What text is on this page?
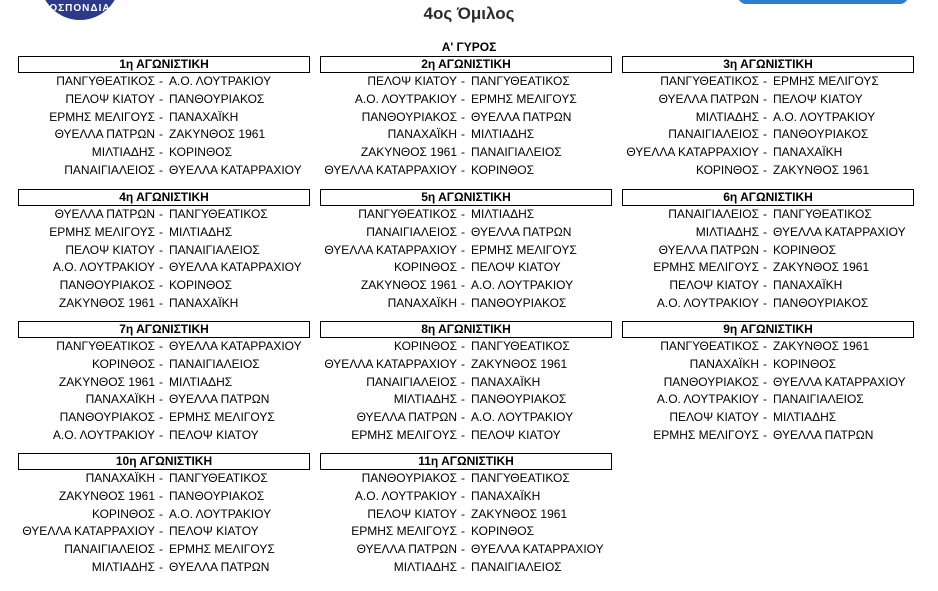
ΟΣΠΟΝΔΙΑ	4ος Όμιλος
Α' ΓΥΡΟΣ
1η ΑΓΩΝΙΣΤΙΚΗ
ΠΑΝΓΥΘΕΑΤΙΚΟΣ - Α.Ο. ΛΟΥΤΡΑΚΙΟΥ
ΠΕΛΟΨ ΚΙΑΤΟΥ - ΠΑΝΘΟΥΡΙΑΚΟΣ
ΕΡΜΗΣ ΜΕΛΙΓΟΥΣ - ΠΑΝΑΧΑΪΚΗ
ΘΥΕΛΛΑ ΠΑΤΡΩΝ - ΖΑΚΥΝΘΟΣ 1961
ΜΙΛΤΙΑΔΗΣ - ΚΟΡΙΝΘΟΣ
ΠΑΝΑΙΓΙΑΛΕΙΟΣ - ΘΥΕΛΛΑ ΚΑΤΑΡΡΑΧΙΟΥ
2η ΑΓΩΝΙΣΤΙΚΗ
ΠΕΛΟΨ ΚΙΑΤΟΥ - ΠΑΝΓΥΘΕΑΤΙΚΟΣ
Α.Ο. ΛΟΥΤΡΑΚΙΟΥ - ΕΡΜΗΣ ΜΕΛΙΓΟΥΣ
ΠΑΝΘΟΥΡΙΑΚΟΣ - ΘΥΕΛΛΑ ΠΑΤΡΩΝ
ΠΑΝΑΧΑΪΚΗ - ΜΙΛΤΙΑΔΗΣ
ΖΑΚΥΝΘΟΣ 1961 - ΠΑΝΑΙΓΙΑΛΕΙΟΣ
ΘΥΕΛΛΑ ΚΑΤΑΡΡΑΧΙΟΥ - ΚΟΡΙΝΘΟΣ
3η ΑΓΩΝΙΣΤΙΚΗ
ΠΑΝΓΥΘΕΑΤΙΚΟΣ - ΕΡΜΗΣ ΜΕΛΙΓΟΥΣ
ΘΥΕΛΛΑ ΠΑΤΡΩΝ - ΠΕΛΟΨ ΚΙΑΤΟΥ
ΜΙΛΤΙΑΔΗΣ - Α.Ο. ΛΟΥΤΡΑΚΙΟΥ
ΠΑΝΑΙΓΙΑΛΕΙΟΣ - ΠΑΝΘΟΥΡΙΑΚΟΣ
ΘΥΕΛΛΑ ΚΑΤΑΡΡΑΧΙΟΥ - ΠΑΝΑΧΑΪΚΗ
ΚΟΡΙΝΘΟΣ - ΖΑΚΥΝΘΟΣ 1961
4η ΑΓΩΝΙΣΤΙΚΗ
ΘΥΕΛΛΑ ΠΑΤΡΩΝ - ΠΑΝΓΥΘΕΑΤΙΚΟΣ
ΕΡΜΗΣ ΜΕΛΙΓΟΥΣ - ΜΙΛΤΙΑΔΗΣ
ΠΕΛΟΨ ΚΙΑΤΟΥ - ΠΑΝΑΙΓΙΑΛΕΙΟΣ
Α.Ο. ΛΟΥΤΡΑΚΙΟΥ - ΘΥΕΛΛΑ ΚΑΤΑΡΡΑΧΙΟΥ
ΠΑΝΘΟΥΡΙΑΚΟΣ - ΚΟΡΙΝΘΟΣ
ΖΑΚΥΝΘΟΣ 1961 - ΠΑΝΑΧΑΪΚΗ
5η ΑΓΩΝΙΣΤΙΚΗ
ΠΑΝΓΥΘΕΑΤΙΚΟΣ - ΜΙΛΤΙΑΔΗΣ
ΠΑΝΑΙΓΙΑΛΕΙΟΣ - ΘΥΕΛΛΑ ΠΑΤΡΩΝ
ΘΥΕΛΛΑ ΚΑΤΑΡΡΑΧΙΟΥ - ΕΡΜΗΣ ΜΕΛΙΓΟΥΣ
ΚΟΡΙΝΘΟΣ - ΠΕΛΟΨ ΚΙΑΤΟΥ
ΖΑΚΥΝΘΟΣ 1961 - Α.Ο. ΛΟΥΤΡΑΚΙΟΥ
ΠΑΝΑΧΑΪΚΗ - ΠΑΝΘΟΥΡΙΑΚΟΣ
6η ΑΓΩΝΙΣΤΙΚΗ
ΠΑΝΑΙΓΙΑΛΕΙΟΣ - ΠΑΝΓΥΘΕΑΤΙΚΟΣ
ΜΙΛΤΙΑΔΗΣ - ΘΥΕΛΛΑ ΚΑΤΑΡΡΑΧΙΟΥ
ΘΥΕΛΛΑ ΠΑΤΡΩΝ - ΚΟΡΙΝΘΟΣ
ΕΡΜΗΣ ΜΕΛΙΓΟΥΣ - ΖΑΚΥΝΘΟΣ 1961
ΠΕΛΟΨ ΚΙΑΤΟΥ - ΠΑΝΑΧΑΪΚΗ
Α.Ο. ΛΟΥΤΡΑΚΙΟΥ - ΠΑΝΘΟΥΡΙΑΚΟΣ
7η ΑΓΩΝΙΣΤΙΚΗ
ΠΑΝΓΥΘΕΑΤΙΚΟΣ - ΘΥΕΛΛΑ ΚΑΤΑΡΡΑΧΙΟΥ
ΚΟΡΙΝΘΟΣ - ΠΑΝΑΙΓΙΑΛΕΙΟΣ
ΖΑΚΥΝΘΟΣ 1961 - ΜΙΛΤΙΑΔΗΣ
ΠΑΝΑΧΑΪΚΗ - ΘΥΕΛΛΑ ΠΑΤΡΩΝ
ΠΑΝΘΟΥΡΙΑΚΟΣ - ΕΡΜΗΣ ΜΕΛΙΓΟΥΣ
Α.Ο. ΛΟΥΤΡΑΚΙΟΥ - ΠΕΛΟΨ ΚΙΑΤΟΥ
8η ΑΓΩΝΙΣΤΙΚΗ
ΚΟΡΙΝΘΟΣ - ΠΑΝΓΥΘΕΑΤΙΚΟΣ
ΘΥΕΛΛΑ ΚΑΤΑΡΡΑΧΙΟΥ - ΖΑΚΥΝΘΟΣ 1961
ΠΑΝΑΙΓΙΑΛΕΙΟΣ - ΠΑΝΑΧΑΪΚΗ
ΜΙΛΤΙΑΔΗΣ - ΠΑΝΘΟΥΡΙΑΚΟΣ
ΘΥΕΛΛΑ ΠΑΤΡΩΝ - Α.Ο. ΛΟΥΤΡΑΚΙΟΥ
ΕΡΜΗΣ ΜΕΛΙΓΟΥΣ - ΠΕΛΟΨ ΚΙΑΤΟΥ
9η ΑΓΩΝΙΣΤΙΚΗ
ΠΑΝΓΥΘΕΑΤΙΚΟΣ - ΖΑΚΥΝΘΟΣ 1961
ΠΑΝΑΧΑΪΚΗ - ΚΟΡΙΝΘΟΣ
ΠΑΝΘΟΥΡΙΑΚΟΣ - ΘΥΕΛΛΑ ΚΑΤΑΡΡΑΧΙΟΥ
Α.Ο. ΛΟΥΤΡΑΚΙΟΥ - ΠΑΝΑΙΓΙΑΛΕΙΟΣ
ΠΕΛΟΨ ΚΙΑΤΟΥ - ΜΙΛΤΙΑΔΗΣ
ΕΡΜΗΣ ΜΕΛΙΓΟΥΣ - ΘΥΕΛΛΑ ΠΑΤΡΩΝ
10η ΑΓΩΝΙΣΤΙΚΗ
ΠΑΝΑΧΑΪΚΗ - ΠΑΝΓΥΘΕΑΤΙΚΟΣ
ΖΑΚΥΝΘΟΣ 1961 - ΠΑΝΘΟΥΡΙΑΚΟΣ
ΚΟΡΙΝΘΟΣ - Α.Ο. ΛΟΥΤΡΑΚΙΟΥ
ΘΥΕΛΛΑ ΚΑΤΑΡΡΑΧΙΟΥ - ΠΕΛΟΨ ΚΙΑΤΟΥ
ΠΑΝΑΙΓΙΑΛΕΙΟΣ - ΕΡΜΗΣ ΜΕΛΙΓΟΥΣ
ΜΙΛΤΙΑΔΗΣ - ΘΥΕΛΛΑ ΠΑΤΡΩΝ
11η ΑΓΩΝΙΣΤΙΚΗ
ΠΑΝΘΟΥΡΙΑΚΟΣ - ΠΑΝΓΥΘΕΑΤΙΚΟΣ
Α.Ο. ΛΟΥΤΡΑΚΙΟΥ - ΠΑΝΑΧΑΪΚΗ
ΠΕΛΟΨ ΚΙΑΤΟΥ - ΖΑΚΥΝΘΟΣ 1961
ΕΡΜΗΣ ΜΕΛΙΓΟΥΣ - ΚΟΡΙΝΘΟΣ
ΘΥΕΛΛΑ ΠΑΤΡΩΝ - ΘΥΕΛΛΑ ΚΑΤΑΡΡΑΧΙΟΥ
ΜΙΛΤΙΑΔΗΣ - ΠΑΝΑΙΓΙΑΛΕΙΟΣ
